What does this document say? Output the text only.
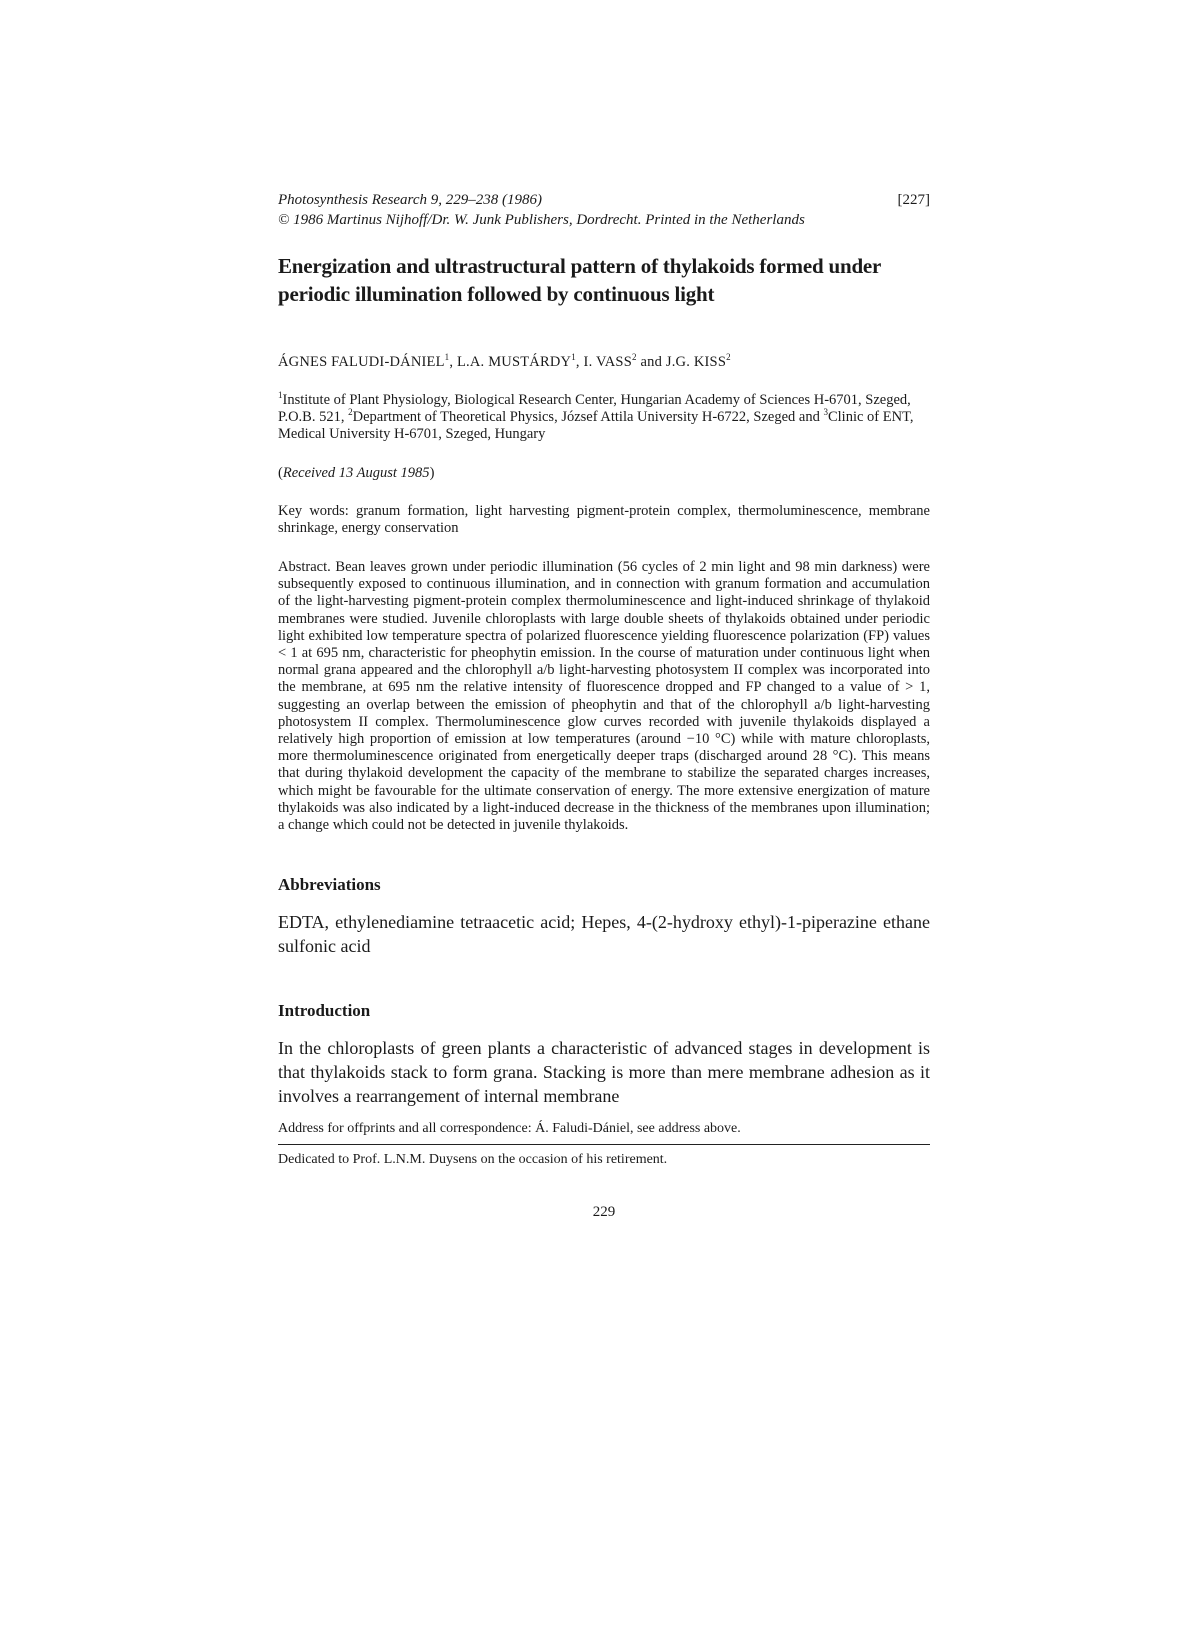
Photosynthesis Research 9, 229–238 (1986)	[227]
© 1986 Martinus Nijhoff/Dr. W. Junk Publishers, Dordrecht. Printed in the Netherlands
Energization and ultrastructural pattern of thylakoids formed under periodic illumination followed by continuous light
ÁGNES FALUDI-DÁNIEL$^1$, L.A. MUSTÁRDY$^1$, I. VASS$^2$ and J.G. KISS$^2$
$^1$Institute of Plant Physiology, Biological Research Center, Hungarian Academy of Sciences H-6701, Szeged, P.O.B. 521, $^2$Department of Theoretical Physics, József Attila University H-6722, Szeged and $^3$Clinic of ENT, Medical University H-6701, Szeged, Hungary
(Received 13 August 1985)
Key words: granum formation, light harvesting pigment-protein complex, thermoluminescence, membrane shrinkage, energy conservation
Abstract. Bean leaves grown under periodic illumination (56 cycles of 2 min light and 98 min darkness) were subsequently exposed to continuous illumination, and in connection with granum formation and accumulation of the light-harvesting pigment-protein complex thermoluminescence and light-induced shrinkage of thylakoid membranes were studied. Juvenile chloroplasts with large double sheets of thylakoids obtained under periodic light exhibited low temperature spectra of polarized fluorescence yielding fluorescence polarization (FP) values < 1 at 695 nm, characteristic for pheophytin emission. In the course of maturation under continuous light when normal grana appeared and the chlorophyll a/b light-harvesting photosystem II complex was incorporated into the membrane, at 695 nm the relative intensity of fluorescence dropped and FP changed to a value of > 1, suggesting an overlap between the emission of pheophytin and that of the chlorophyll a/b light-harvesting photosystem II complex. Thermoluminescence glow curves recorded with juvenile thylakoids displayed a relatively high proportion of emission at low temperatures (around −10 °C) while with mature chloroplasts, more thermoluminescence originated from energetically deeper traps (discharged around 28 °C). This means that during thylakoid development the capacity of the membrane to stabilize the separated charges increases, which might be favourable for the ultimate conservation of energy. The more extensive energization of mature thylakoids was also indicated by a light-induced decrease in the thickness of the membranes upon illumination; a change which could not be detected in juvenile thylakoids.
Abbreviations
EDTA, ethylenediamine tetraacetic acid; Hepes, 4-(2-hydroxy ethyl)-1-piperazine ethane sulfonic acid
Introduction
In the chloroplasts of green plants a characteristic of advanced stages in development is that thylakoids stack to form grana. Stacking is more than mere membrane adhesion as it involves a rearrangement of internal membrane
Address for offprints and all correspondence: Á. Faludi-Dániel, see address above.
Dedicated to Prof. L.N.M. Duysens on the occasion of his retirement.
229
